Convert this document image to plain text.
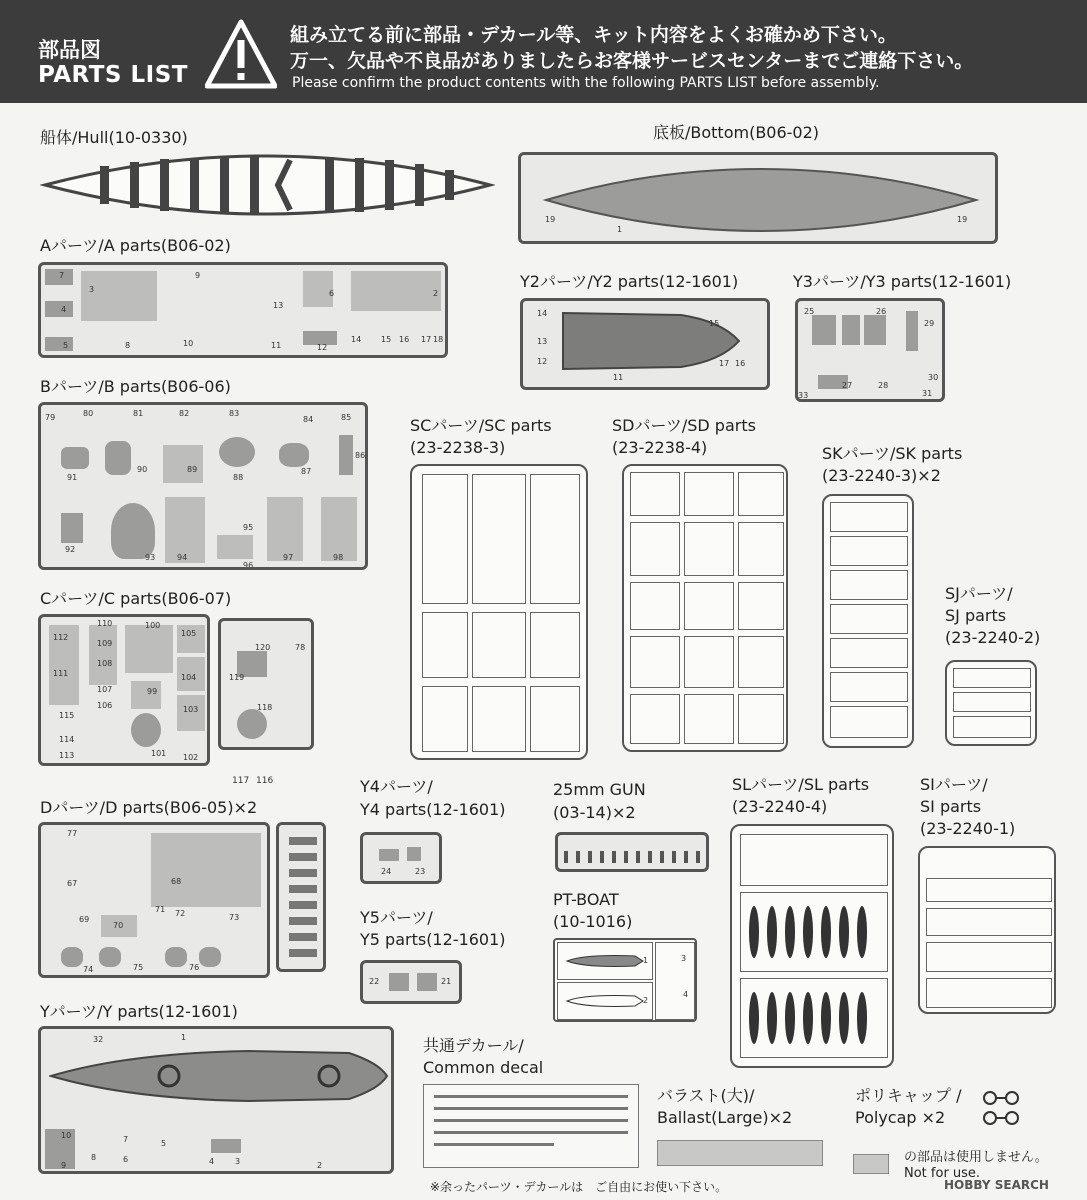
部品図
PARTS LIST
組み立てる前に部品・デカール等、キット内容をよくお確かめ下さい。
万一、欠品や不良品がありましたらお客様サービスセンターまでご連絡下さい。
Please confirm the product contents with the following PARTS LIST before assembly.
船体/Hull(10-0330)	底板/Bottom(B06-02)
19
1
19
Aパーツ/A parts(B06-02)
7
4
5
3
8
9
10	11
13
12
6
14 15 16 17 18
2
Y2パーツ/Y2 parts(12-1601)
14
13
12
11
15
17 16
Y3パーツ/Y3 parts(12-1601)
25	26
29
33
27	28
30
31
Bパーツ/B parts(B06-06)
79	80	81	82	83
84	85
86
91
90	89
88
87
92
93	94
95
96
97	98
SCパーツ/SC parts
(23-2238-3)
SDパーツ/SD parts
(23-2238-4)	SKパーツ/SK parts
(23-2240-3)×2
SJパーツ/
SJ parts
(23-2240-2)
Cパーツ/C parts(B06-07)
110	100
105
112
109
108
111
107	99
104
115
106	103
114
113	101 102
120
119
118
78
117 116	Y4パーツ/
Y4 parts(12-1601)
24	23
25mm GUN
(03-14)×2
PT-BOAT
(10-1016)
1
2
3
4
SLパーツ/SL parts
(23-2240-4)
SIパーツ/
SI parts
(23-2240-1)
Dパーツ/D parts(B06-05)×2
77
67	68
69
70
71 72	73
74	75	76
Y5パーツ/
Y5 parts(12-1601)
22	21
Yパーツ/Y parts(12-1601)
32	1
10
9
8
7
6
5
4	3	2
共通デカール/
Common decal
バラスト(大)/
Ballast(Large)×2
ポリキャップ /
Polycap ×2
の部品は使用しません。
Not for use.
※余ったパーツ・デカールは　ご自由にお使い下さい。	HOBBY SEARCH
